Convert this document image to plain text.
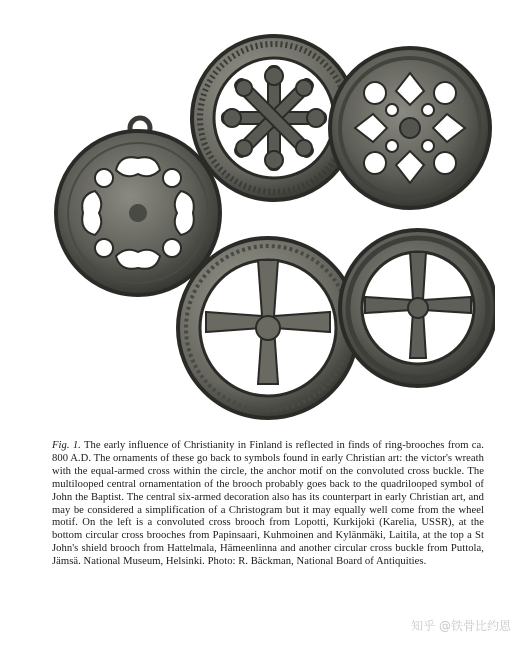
Fig. 1. The early influence of Christianity in Finland is reflected in finds of ring-brooches from ca. 800 A.D. The ornaments of these go back to symbols found in early Christian art: the victor's wreath with the equal-armed cross within the circle, the anchor motif on the convoluted cross buckle. The multilooped central ornamentation of the brooch probably goes back to the quadrilooped symbol of John the Baptist. The central six-armed decoration also has its counterpart in early Christian art, and may be considered a simplification of a Christogram but it may equally well come from the wheel motif. On the left is a convoluted cross brooch from Lopotti, Kurkijoki (Karelia, USSR), at the bottom circular cross brooches from Papinsaari, Kuhmoinen and Kylänmäki, Laitila, at the top a St John's shield brooch from Hattelmala, Hämeenlinna and another circular cross buckle from Puttola, Jämsä. National Museum, Helsinki. Photo: R. Bäckman, National Board of Antiquities.
知乎 @铁骨比约恩
